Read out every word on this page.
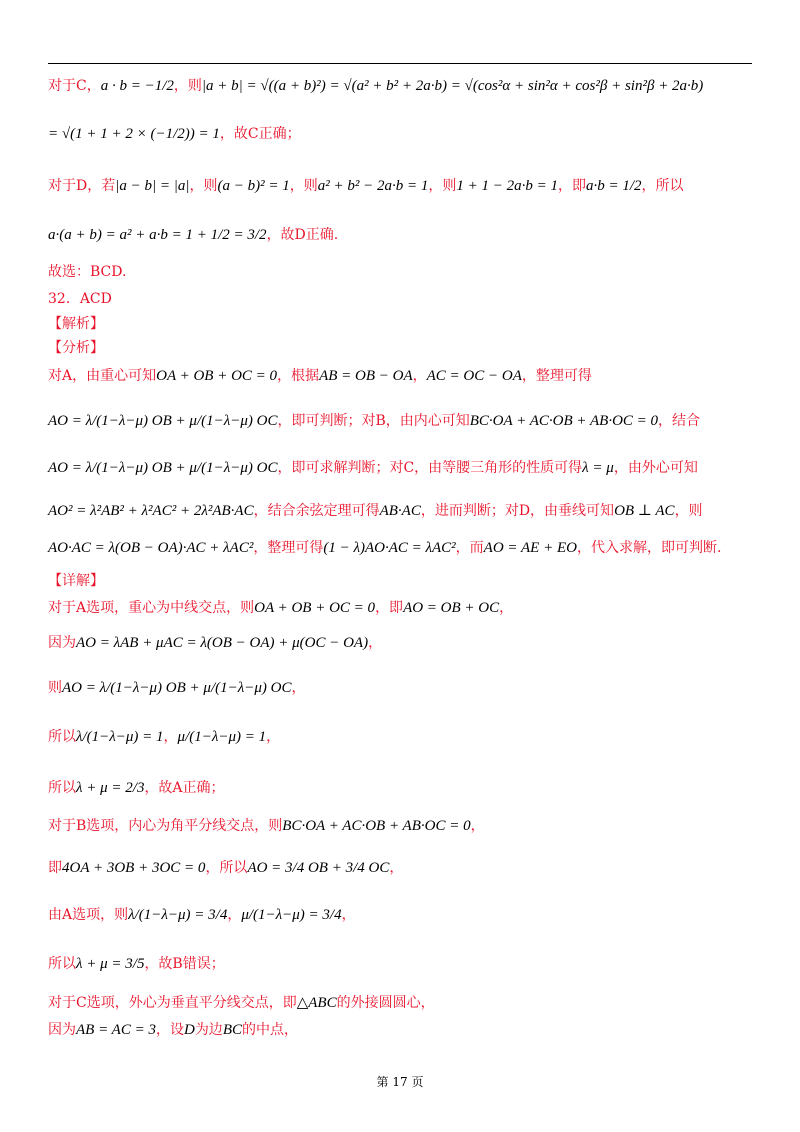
对于C，a · b = −1/2，则|a + b| = √((a + b)²) = √(a² + b² + 2a·b) = √(cos²α + sin²α + cos²β + sin²β + 2a·b)
= √(1 + 1 + 2 × (−1/2)) = 1，故C正确；
对于D，若|a − b| = |a|，则(a − b)² = 1，则a² + b² − 2a·b = 1，则1 + 1 − 2a·b = 1，即a·b = 1/2，所以
a·(a + b) = a² + a·b = 1 + 1/2 = 3/2，故D正确.
故选：BCD.
32．ACD
【解析】
【分析】
对A，由重心可知OA + OB + OC = 0，根据AB = OB − OA，AC = OC − OA，整理可得
AO = λ/(1−λ−μ) OB + μ/(1−λ−μ) OC，即可判断；对B，由内心可知BC·OA + AC·OB + AB·OC = 0，结合
AO = λ/(1−λ−μ) OB + μ/(1−λ−μ) OC，即可求解判断；对C，由等腰三角形的性质可得λ = μ，由外心可知
AO² = λ²AB² + λ²AC² + 2λ²AB·AC，结合余弦定理可得AB·AC，进而判断；对D，由垂线可知OB ⊥ AC，则
AO·AC = λ(OB − OA)·AC + λAC²，整理可得(1 − λ)AO·AC = λAC²，而AO = AE + EO，代入求解，即可判断.
【详解】
对于A选项，重心为中线交点，则OA + OB + OC = 0，即AO = OB + OC，
因为AO = λAB + μAC = λ(OB − OA) + μ(OC − OA)，
则AO = λ/(1−λ−μ) OB + μ/(1−λ−μ) OC，
所以λ/(1−λ−μ) = 1，μ/(1−λ−μ) = 1，
所以λ + μ = 2/3，故A正确；
对于B选项，内心为角平分线交点，则BC·OA + AC·OB + AB·OC = 0，
即4OA + 3OB + 3OC = 0，所以AO = 3/4 OB + 3/4 OC，
由A选项，则λ/(1−λ−μ) = 3/4，μ/(1−λ−μ) = 3/4，
所以λ + μ = 3/5，故B错误；
对于C选项，外心为垂直平分线交点，即△ABC的外接圆圆心，
因为AB = AC = 3，设D为边BC的中点，
第 17 页
